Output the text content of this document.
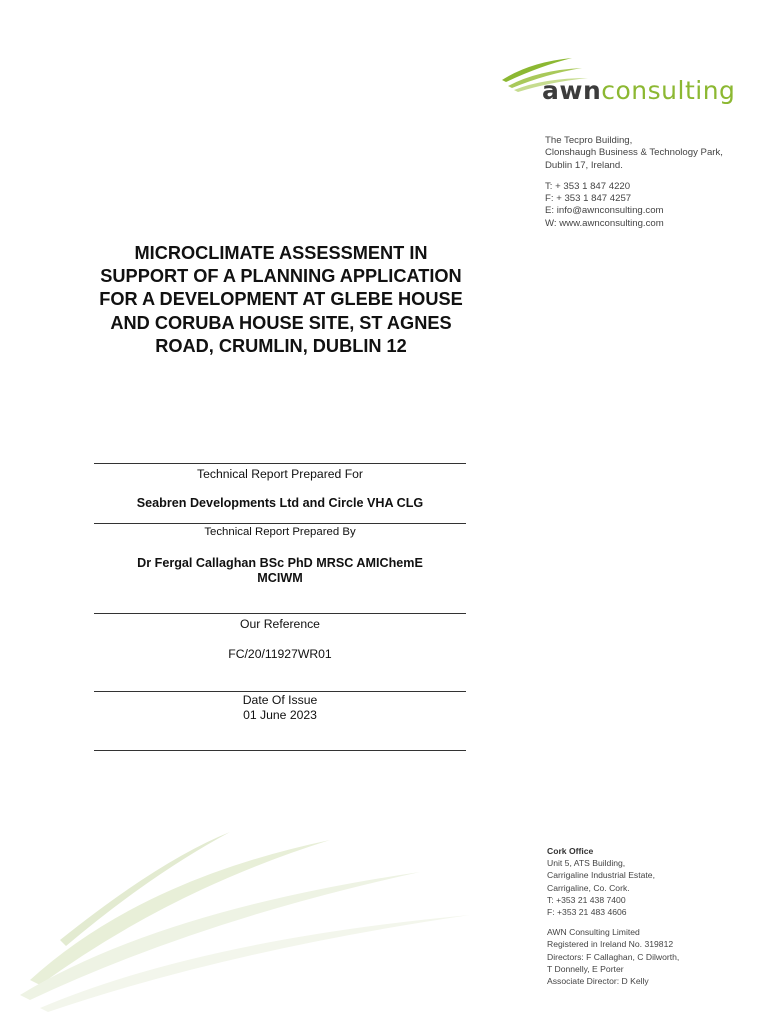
awnconsulting
The Tecpro Building,
Clonshaugh Business & Technology Park,
Dublin 17, Ireland.
T: + 353 1 847 4220
F: + 353 1 847 4257
E: info@awnconsulting.com
W: www.awnconsulting.com
MICROCLIMATE ASSESSMENT IN SUPPORT OF A PLANNING APPLICATION FOR A DEVELOPMENT AT GLEBE HOUSE AND CORUBA HOUSE SITE, ST AGNES ROAD, CRUMLIN, DUBLIN 12
Technical Report Prepared For
Seabren Developments Ltd and Circle VHA CLG
Technical Report Prepared By
Dr Fergal Callaghan BSc PhD MRSC AMIChemE MCIWM
Our Reference
FC/20/11927WR01
Date Of Issue
01 June 2023
Cork Office
Unit 5, ATS Building,
Carrigaline Industrial Estate,
Carrigaline, Co. Cork.
T: +353 21 438 7400
F: +353 21 483 4606
AWN Consulting Limited
Registered in Ireland No. 319812
Directors: F Callaghan, C Dilworth,
T Donnelly, E Porter
Associate Director: D Kelly
